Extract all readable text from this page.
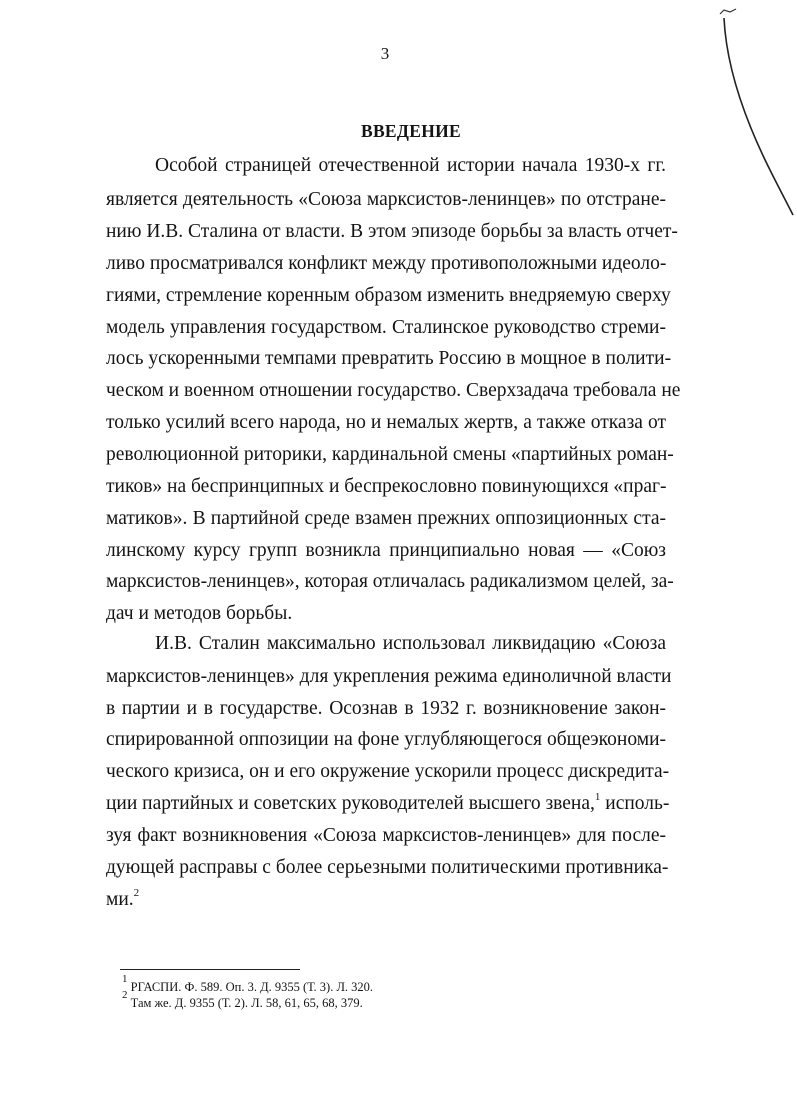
3
ВВЕДЕНИЕ
Особой страницей отечественной истории начала 1930-х гг.
является деятельность «Союза марксистов-ленинцев» по отстране-
нию И.В. Сталина от власти. В этом эпизоде борьбы за власть отчет-
ливо просматривался конфликт между противоположными идеоло-
гиями, стремление коренным образом изменить внедряемую сверху
модель управления государством. Сталинское руководство стреми-
лось ускоренными темпами превратить Россию в мощное в полити-
ческом и военном отношении государство. Сверхзадача требовала не
только усилий всего народа, но и немалых жертв, а также отказа от
революционной риторики, кардинальной смены «партийных роман-
тиков» на беспринципных и беспрекословно повинующихся «праг-
матиков». В партийной среде взамен прежних оппозиционных ста-
линскому курсу групп возникла принципиально новая — «Союз
марксистов-ленинцев», которая отличалась радикализмом целей, за-
дач и методов борьбы.
И.В. Сталин максимально использовал ликвидацию «Союза
марксистов-ленинцев» для укрепления режима единоличной власти
в партии и в государстве. Осознав в 1932 г. возникновение закон-
спирированной оппозиции на фоне углубляющегося общеэкономи-
ческого кризиса, он и его окружение ускорили процесс дискредита-
ции партийных и советских руководителей высшего звена,$^1$ исполь-
зуя факт возникновения «Союза марксистов-ленинцев» для после-
дующей расправы с более серьезными политическими противника-
ми.$^2$
$^1$ РГАСПИ. Ф. 589. Оп. 3. Д. 9355 (Т. 3). Л. 320.
$^2$ Там же. Д. 9355 (Т. 2). Л. 58, 61, 65, 68, 379.
